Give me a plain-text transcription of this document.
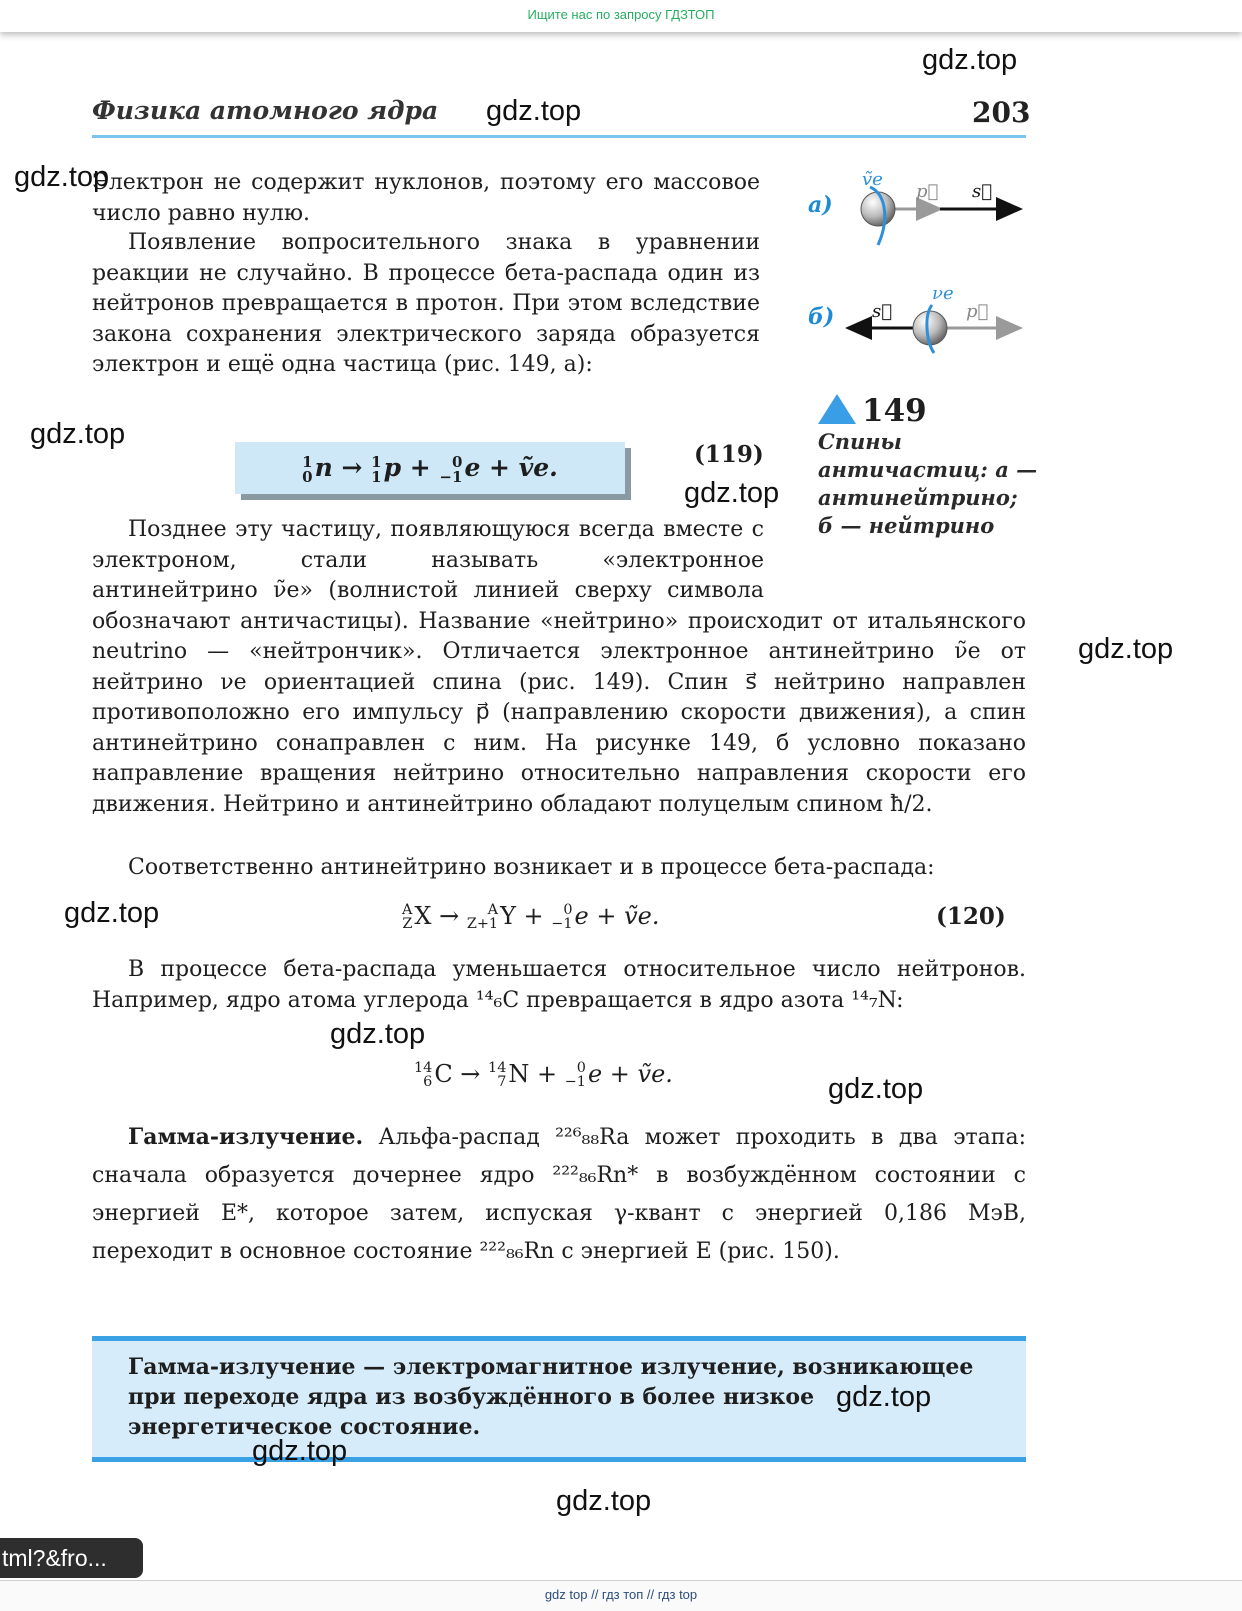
Ищите нас по запросу ГДЗТОП
Физика атомного ядра	203
Электрон не содержит нуклонов, поэтому его массовое число равно нулю.
Появление вопросительного знака в уравнении реакции не случайно. В процессе бета-распада один из нейтронов превращается в протон. При этом вследствие закона сохранения электрического заряда образуется электрон и ещё одна частица (рис. 149, а):
1
0 n → 1
1 p + 0
−1 e + ṽe.	(119)
а)
б)
ṽe
p⃗ s⃗
νe
s⃗	p⃗
149
Спины античастиц: а — антинейтрино; б — нейтрино
Позднее эту частицу, появляющуюся всегда вместе с электроном, стали называть «электронное антинейтрино ν̃e» (волнистой линией сверху символа обозначают античастицы). Название «нейтрино» происходит от итальянского neutrino — «нейтрончик». Отличается электронное антинейтрино ν̃e от нейтрино νe ориентацией спина (рис. 149). Спин s⃗ нейтрино направлен противоположно его импульсу p⃗ (направлению скорости движения), а спин антинейтрино сонаправлен с ним. На рисунке 149, б условно показано направление вращения нейтрино относительно направления скорости его движения. Нейтрино и антинейтрино обладают полуцелым спином ħ/2.
Соответственно антинейтрино возникает и в процессе бета-распада:
A
Z X →	A
Z+1 Y + 0
−1 e + ṽe.	(120)
В процессе бета-распада уменьшается относительное число нейтронов. Например, ядро атома углерода ¹⁴₆C превращается в ядро азота ¹⁴₇N:
14
6 C → 14
7 N + 0
−1 e + ṽe.
Гамма-излучение. Альфа-распад ²²⁶₈₈Ra может проходить в два этапа: сначала образуется дочернее ядро ²²²₈₆Rn* в возбуждённом состоянии с энергией E*, которое затем, испуская γ-квант с энергией 0,186 МэВ, переходит в основное состояние ²²²₈₆Rn с энергией E (рис. 150).
Гамма-излучение — электромагнитное излучение, возникающее при переходе ядра из возбуждённого в более низкое энергетическое состояние.
gdz.top
gdz.top
gdz.top
gdz.top
gdz.top
gdz.top
gdz.top
gdz.top
gdz.top
gdz.top
gdz.top
gdz.top
tml?&fro...
gdz top // гдз топ // гдз top
